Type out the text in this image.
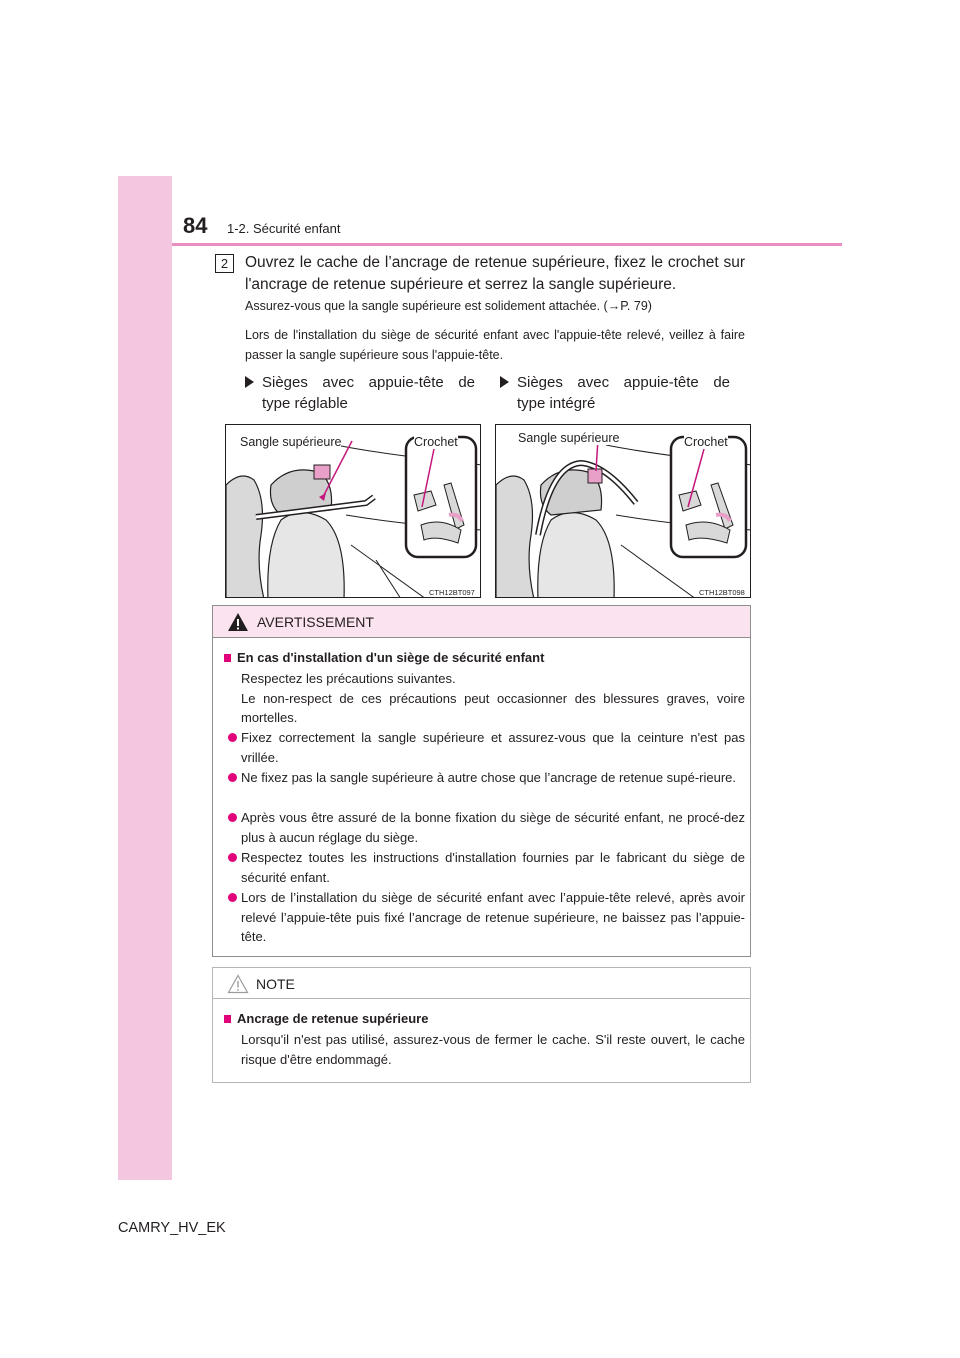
84 1-2. Sécurité enfant
2	Ouvrez le cache de l’ancrage de retenue supérieure, fixez le crochet sur l'ancrage de retenue supérieure et serrez la sangle supérieure.
Assurez-vous que la sangle supérieure est solidement attachée. (→P. 79)
Lors de l'installation du siège de sécurité enfant avec l'appuie-tête relevé, veillez à faire passer la sangle supérieure sous l'appuie-tête.
Sièges avec appuie-tête de type réglable
Sièges avec appuie-tête de type intégré
Sangle supérieure	Crochet
CTH12BT097
Sangle supérieure	Crochet
CTH12BT098
AVERTISSEMENT
En cas d'installation d'un siège de sécurité enfant
Respectez les précautions suivantes.
Le non-respect de ces précautions peut occasionner des blessures graves, voire mortelles.
Fixez correctement la sangle supérieure et assurez-vous que la ceinture n'est pas vrillée.
Ne fixez pas la sangle supérieure à autre chose que l’ancrage de retenue supé-rieure.
Après vous être assuré de la bonne fixation du siège de sécurité enfant, ne procé-dez plus à aucun réglage du siège.
Respectez toutes les instructions d'installation fournies par le fabricant du siège de sécurité enfant.
Lors de l’installation du siège de sécurité enfant avec l’appuie-tête relevé, après avoir relevé l’appuie-tête puis fixé l’ancrage de retenue supérieure, ne baissez pas l’appuie-tête.
NOTE
Ancrage de retenue supérieure
Lorsqu'il n'est pas utilisé, assurez-vous de fermer le cache. S'il reste ouvert, le cache risque d'être endommagé.
CAMRY_HV_EK
